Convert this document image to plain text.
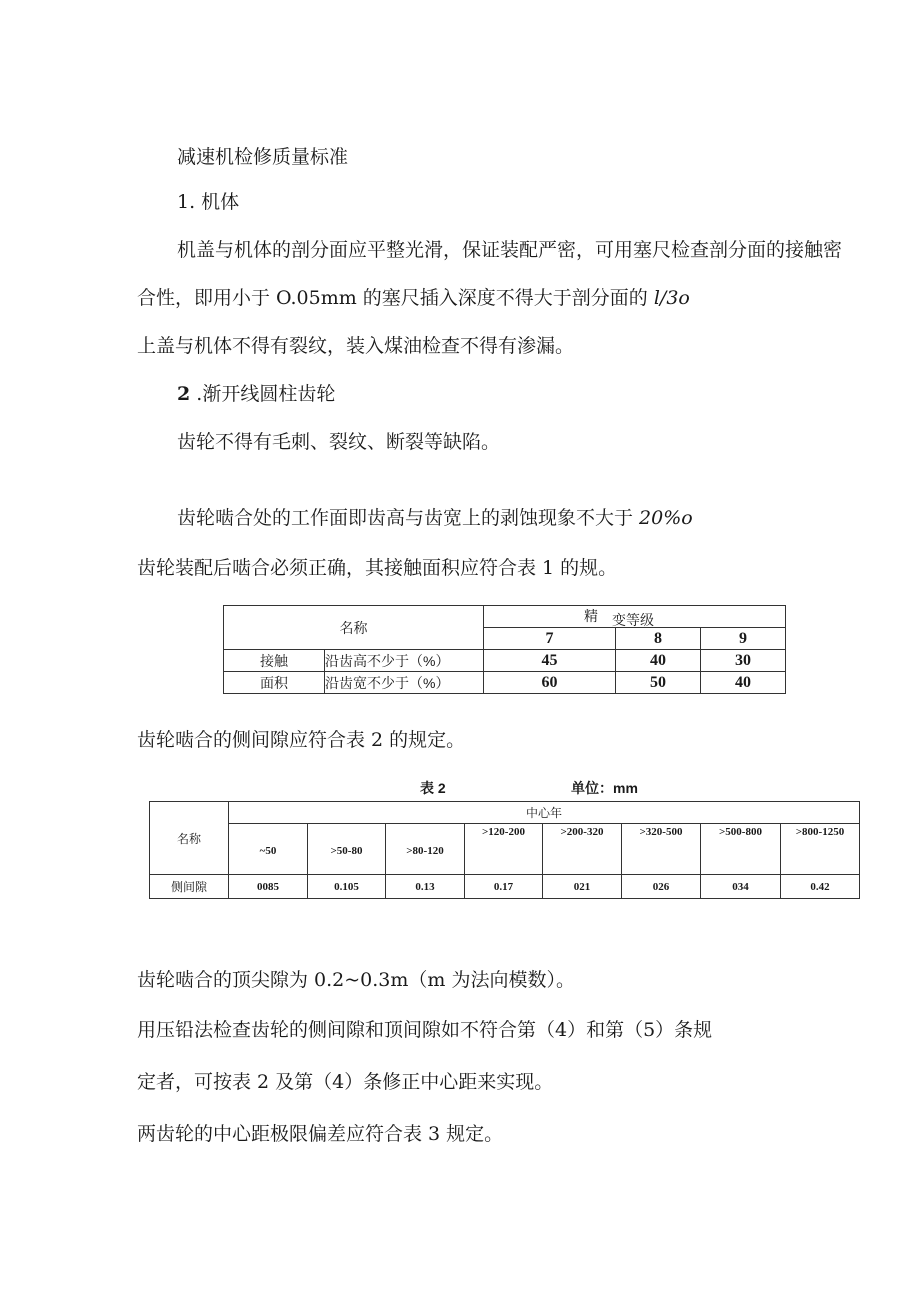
减速机检修质量标准
1. 机体
机盖与机体的剖分面应平整光滑，保证装配严密，可用塞尺检查剖分面的接触密
合性，即用小于 O.05mm 的塞尺插入深度不得大于剖分面的 l/3o
上盖与机体不得有裂纹，装入煤油检查不得有渗漏。
2 .渐开线圆柱齿轮
齿轮不得有毛刺、裂纹、断裂等缺陷。
齿轮啮合处的工作面即齿高与齿宽上的剥蚀现象不大于 20%o
齿轮装配后啮合必须正确，其接触面积应符合表 1 的规。
名称		精 变等级		

		7	8	9
接触	沿齿高不少于（%）	45	40	30
面积	沿齿宽不少于（%）	60	50	40
齿轮啮合的侧间隙应符合表 2 的规定。
表 2	单位：mm
名称	中心年							
	~50	>50-80	>80-120	>120-200	>200-320	>320-500	>500-800	>800-1250
侧间隙	0085	0.105	0.13	0.17	021	026	034	0.42
齿轮啮合的顶尖隙为 0.2~0.3m（m 为法向模数）。
用压铅法检查齿轮的侧间隙和顶间隙如不符合第（4）和第（5）条规
定者，可按表 2 及第（4）条修正中心距来实现。
两齿轮的中心距极限偏差应符合表 3 规定。
